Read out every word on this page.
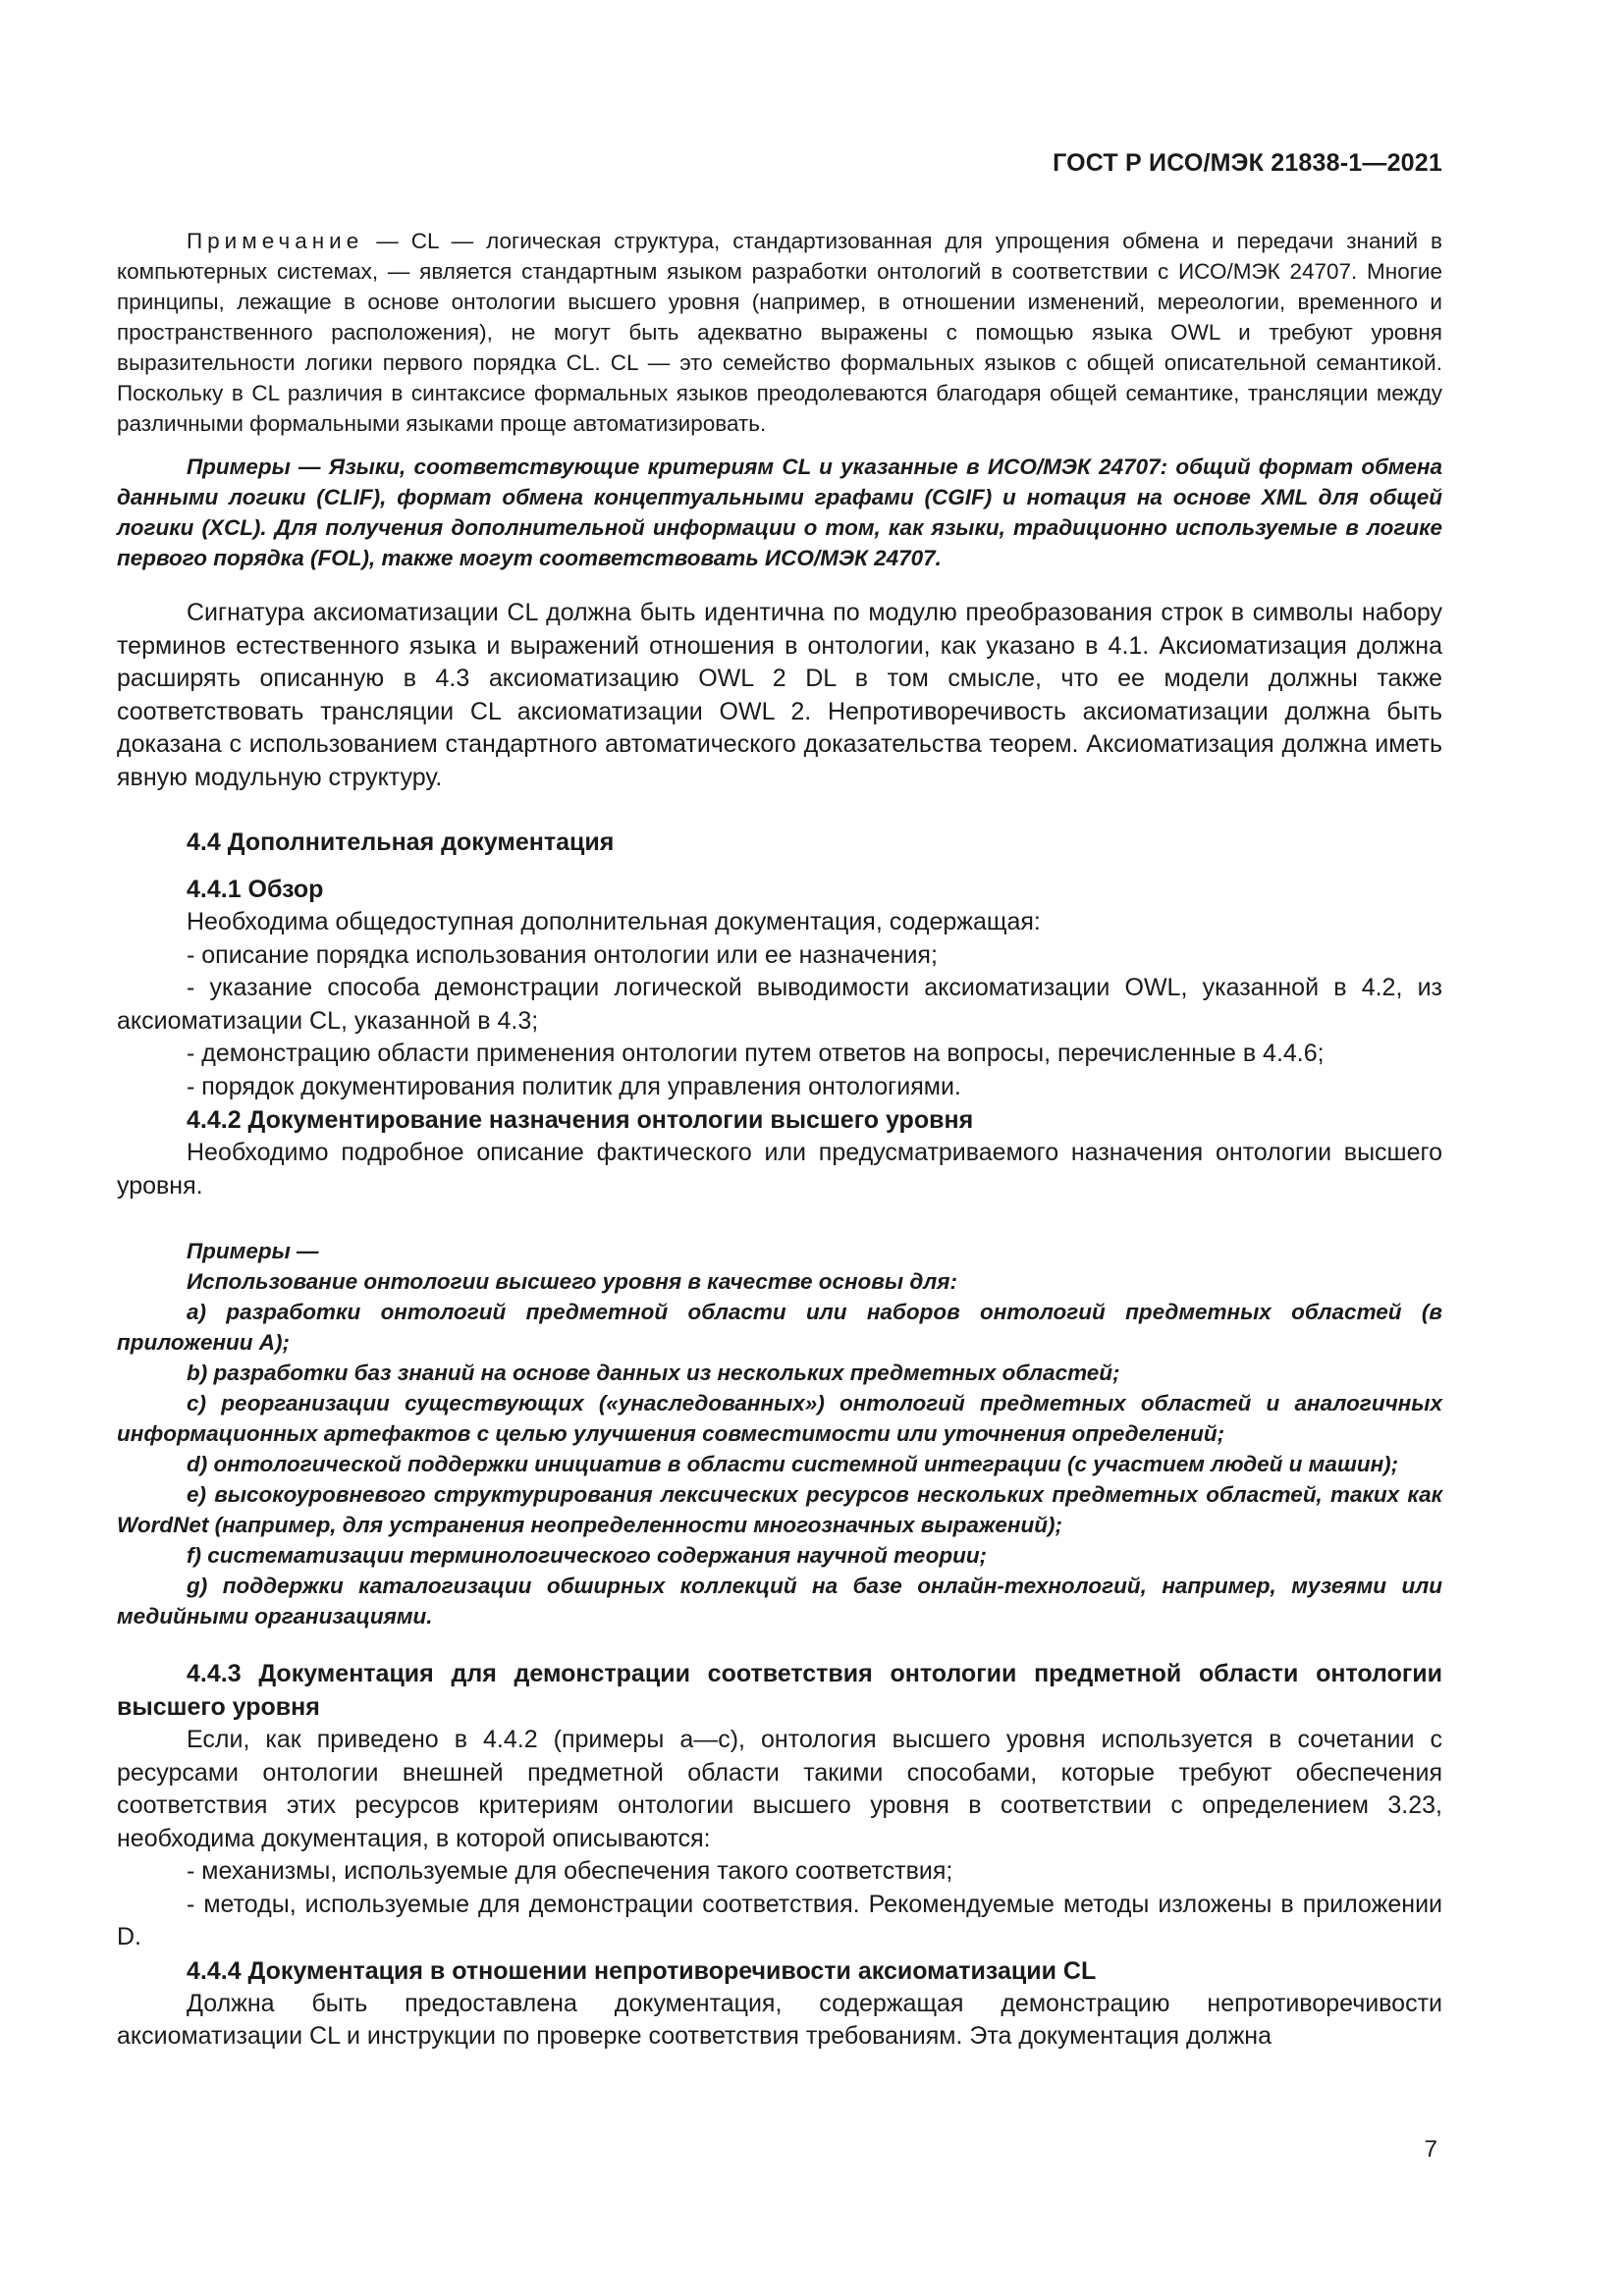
ГОСТ Р ИСО/МЭК 21838-1—2021

Примечание — CL — логическая структура, стандартизованная для упрощения обмена и передачи знаний в компьютерных системах, — является стандартным языком разработки онтологий в соответствии с ИСО/МЭК 24707. Многие принципы, лежащие в основе онтологии высшего уровня (например, в отношении изменений, мереологии, временного и пространственного расположения), не могут быть адекватно выражены с помощью языка OWL и требуют уровня выразительности логики первого порядка CL. CL — это семейство формальных языков с общей описательной семантикой. Поскольку в CL различия в синтаксисе формальных языков преодолеваются благодаря общей семантике, трансляции между различными формальными языками проще автоматизировать.

Примеры — Языки, соответствующие критериям CL и указанные в ИСО/МЭК 24707: общий формат обмена данными логики (CLIF), формат обмена концептуальными графами (CGIF) и нотация на основе XML для общей логики (XCL). Для получения дополнительной информации о том, как языки, традиционно используемые в логике первого порядка (FOL), также могут соответствовать ИСО/МЭК 24707.

Сигнатура аксиоматизации CL должна быть идентична по модулю преобразования строк в символы набору терминов естественного языка и выражений отношения в онтологии, как указано в 4.1. Аксиоматизация должна расширять описанную в 4.3 аксиоматизацию OWL 2 DL в том смысле, что ее модели должны также соответствовать трансляции CL аксиоматизации OWL 2. Непротиворечивость аксиоматизации должна быть доказана с использованием стандартного автоматического доказательства теорем. Аксиоматизация должна иметь явную модульную структуру.

4.4 Дополнительная документация

4.4.1 Обзор

Необходима общедоступная дополнительная документация, содержащая:

- описание порядка использования онтологии или ее назначения;

- указание способа демонстрации логической выводимости аксиоматизации OWL, указанной в 4.2, из аксиоматизации CL, указанной в 4.3;

- демонстрацию области применения онтологии путем ответов на вопросы, перечисленные в 4.4.6;

- порядок документирования политик для управления онтологиями.

4.4.2 Документирование назначения онтологии высшего уровня

Необходимо подробное описание фактического или предусматриваемого назначения онтологии высшего уровня.

Примеры —

Использование онтологии высшего уровня в качестве основы для:

a) разработки онтологий предметной области или наборов онтологий предметных областей (в приложении А);

b) разработки баз знаний на основе данных из нескольких предметных областей;

c) реорганизации существующих («унаследованных») онтологий предметных областей и аналогичных информационных артефактов с целью улучшения совместимости или уточнения определений;

d) онтологической поддержки инициатив в области системной интеграции (с участием людей и машин);

e) высокоуровневого структурирования лексических ресурсов нескольких предметных областей, таких как WordNet (например, для устранения неопределенности многозначных выражений);

f) систематизации терминологического содержания научной теории;

g) поддержки каталогизации обширных коллекций на базе онлайн-технологий, например, музеями или медийными организациями.

4.4.3 Документация для демонстрации соответствия онтологии предметной области онтологии высшего уровня

Если, как приведено в 4.4.2 (примеры а—с), онтология высшего уровня используется в сочетании с ресурсами онтологии внешней предметной области такими способами, которые требуют обеспечения соответствия этих ресурсов критериям онтологии высшего уровня в соответствии с определением 3.23, необходима документация, в которой описываются:

- механизмы, используемые для обеспечения такого соответствия;

- методы, используемые для демонстрации соответствия. Рекомендуемые методы изложены в приложении D.

4.4.4 Документация в отношении непротиворечивости аксиоматизации CL

Должна быть предоставлена документация, содержащая демонстрацию непротиворечивости аксиоматизации CL и инструкции по проверке соответствия требованиям. Эта документация должна

7
